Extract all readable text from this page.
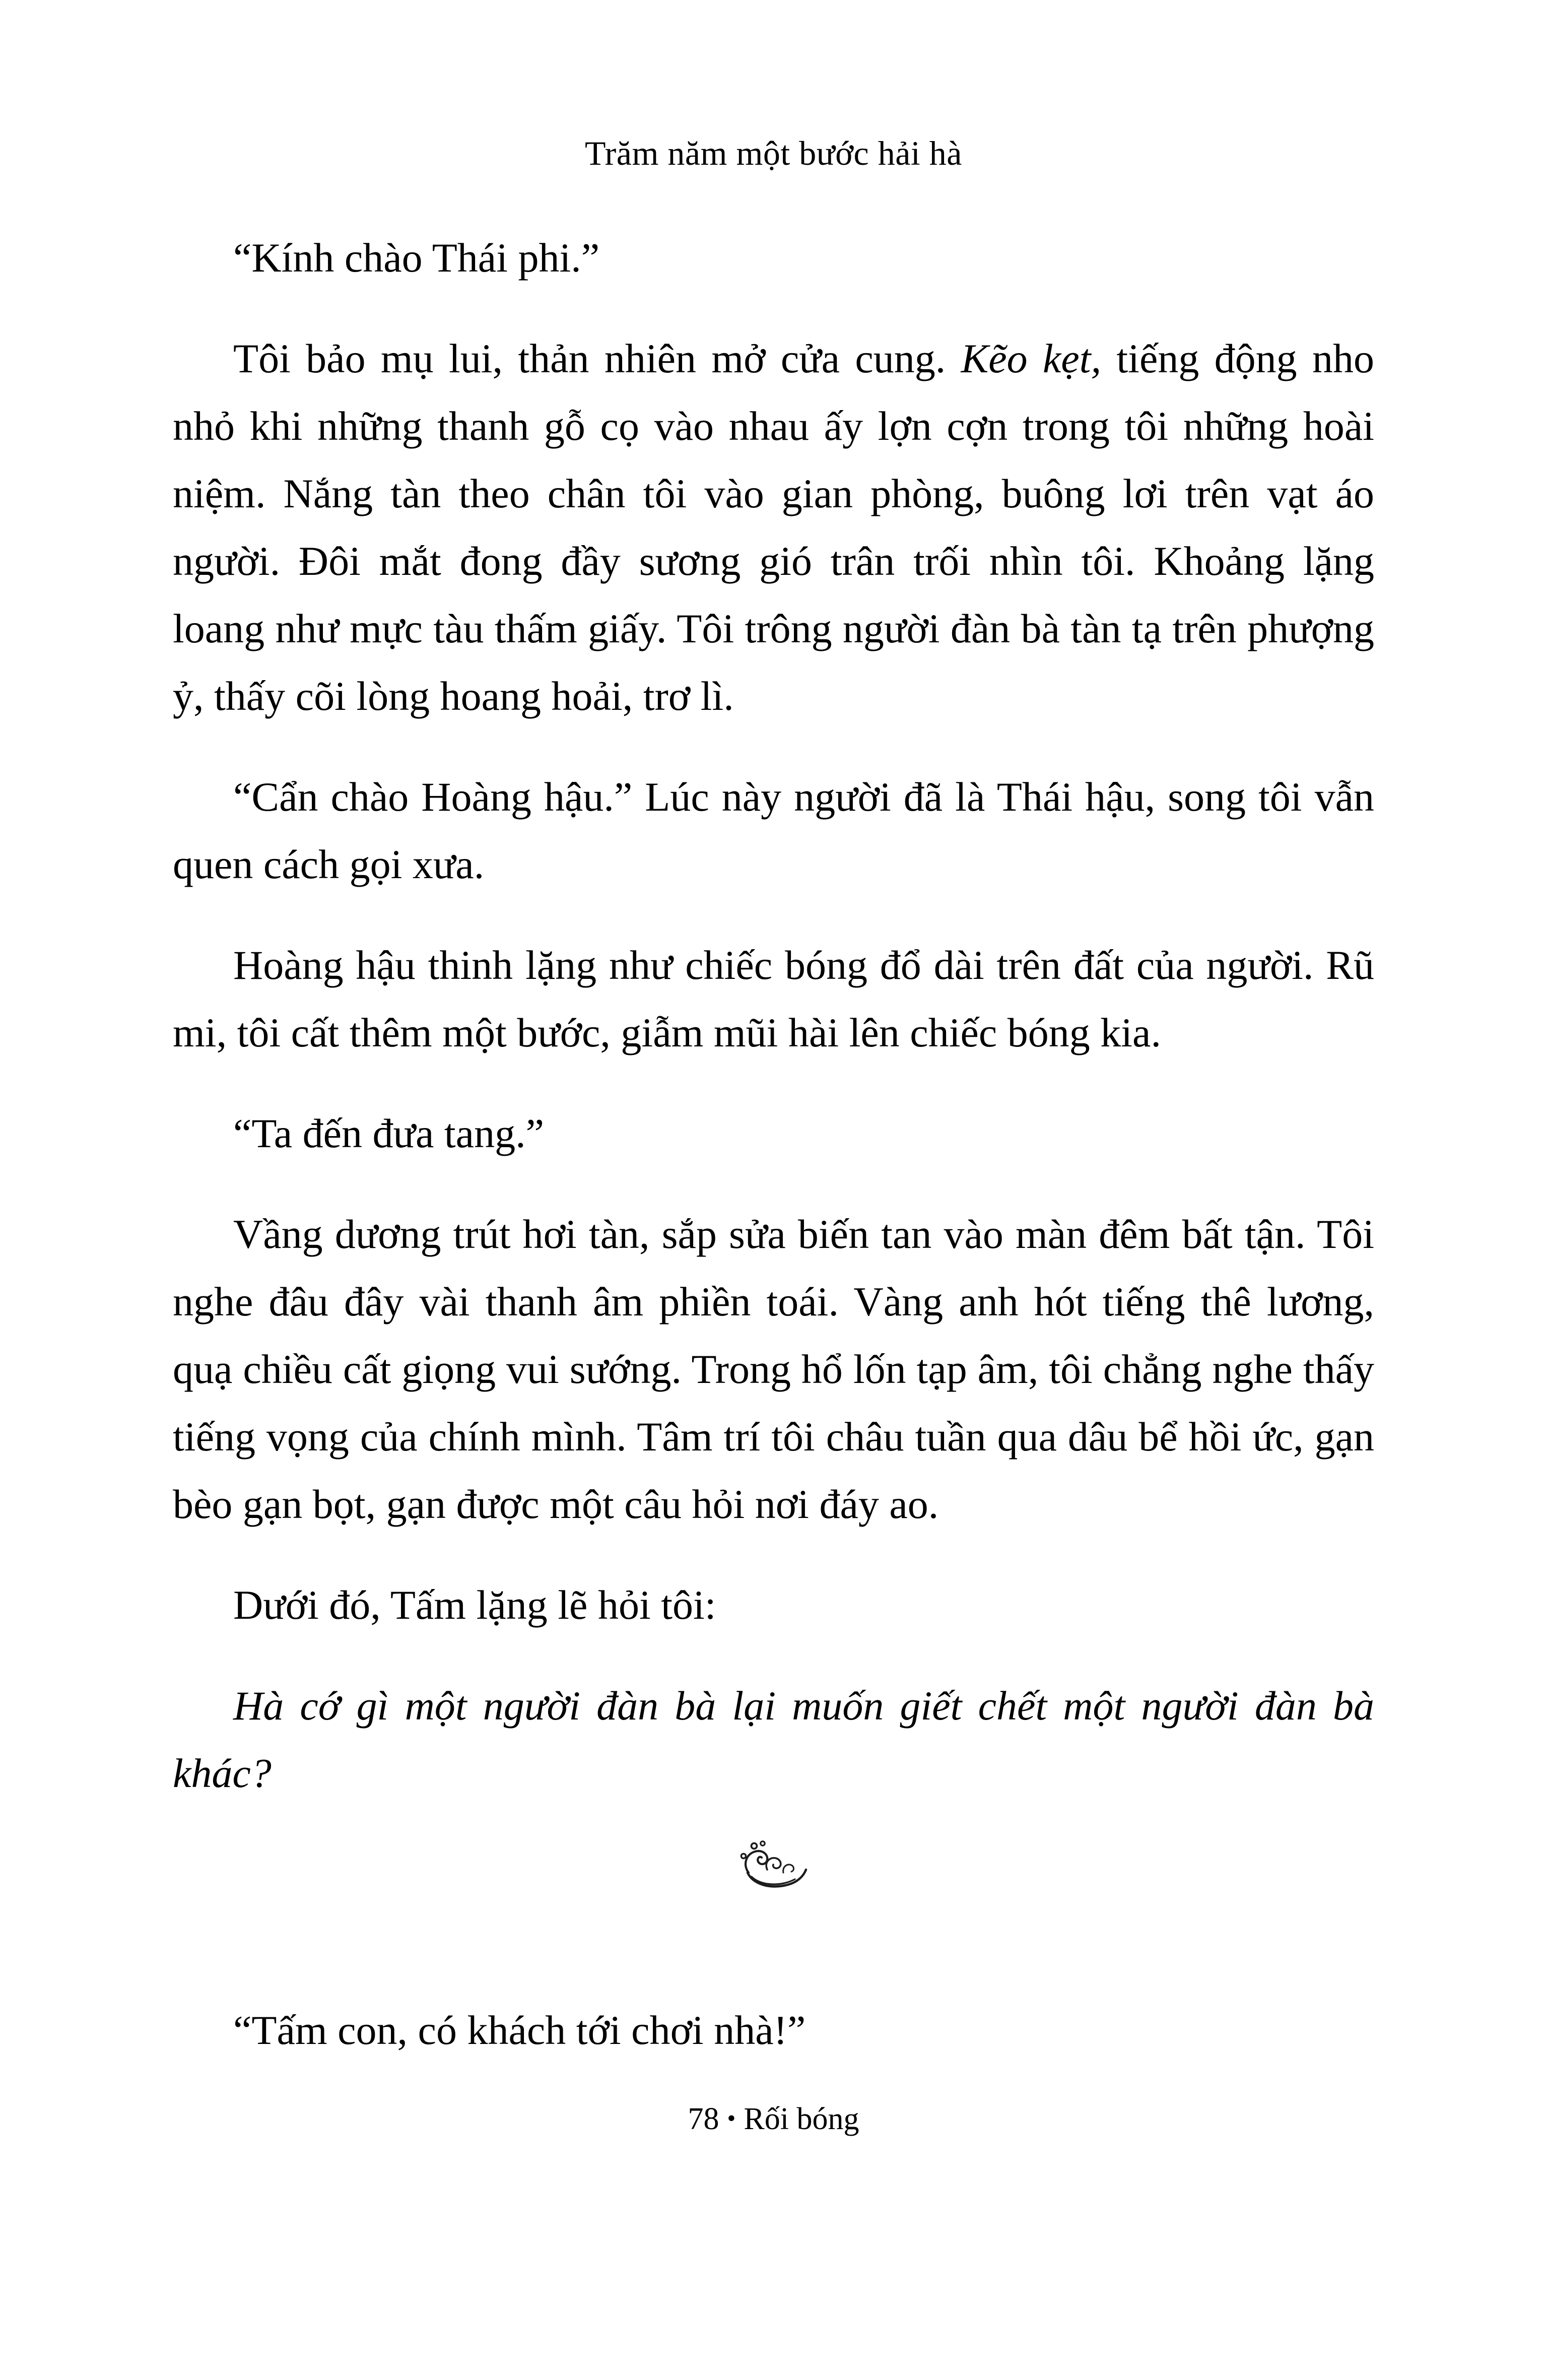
Trăm năm một bước hải hà

“Kính chào Thái phi.”

Tôi bảo mụ lui, thản nhiên mở cửa cung. Kẽo kẹt, tiếng động nho nhỏ khi những thanh gỗ cọ vào nhau ấy lợn cợn trong tôi những hoài niệm. Nắng tàn theo chân tôi vào gian phòng, buông lơi trên vạt áo người. Đôi mắt đong đầy sương gió trân trối nhìn tôi. Khoảng lặng loang như mực tàu thấm giấy. Tôi trông người đàn bà tàn tạ trên phượng ỷ, thấy cõi lòng hoang hoải, trơ lì.

“Cẩn chào Hoàng hậu.” Lúc này người đã là Thái hậu, song tôi vẫn quen cách gọi xưa.

Hoàng hậu thinh lặng như chiếc bóng đổ dài trên đất của người. Rũ mi, tôi cất thêm một bước, giẫm mũi hài lên chiếc bóng kia.

“Ta đến đưa tang.”

Vầng dương trút hơi tàn, sắp sửa biến tan vào màn đêm bất tận. Tôi nghe đâu đây vài thanh âm phiền toái. Vàng anh hót tiếng thê lương, quạ chiều cất giọng vui sướng. Trong hổ lốn tạp âm, tôi chẳng nghe thấy tiếng vọng của chính mình. Tâm trí tôi châu tuần qua dâu bể hồi ức, gạn bèo gạn bọt, gạn được một câu hỏi nơi đáy ao.

Dưới đó, Tấm lặng lẽ hỏi tôi:

Hà cớ gì một người đàn bà lại muốn giết chết một người đàn bà khác?

“Tấm con, có khách tới chơi nhà!”

78 • Rối bóng
